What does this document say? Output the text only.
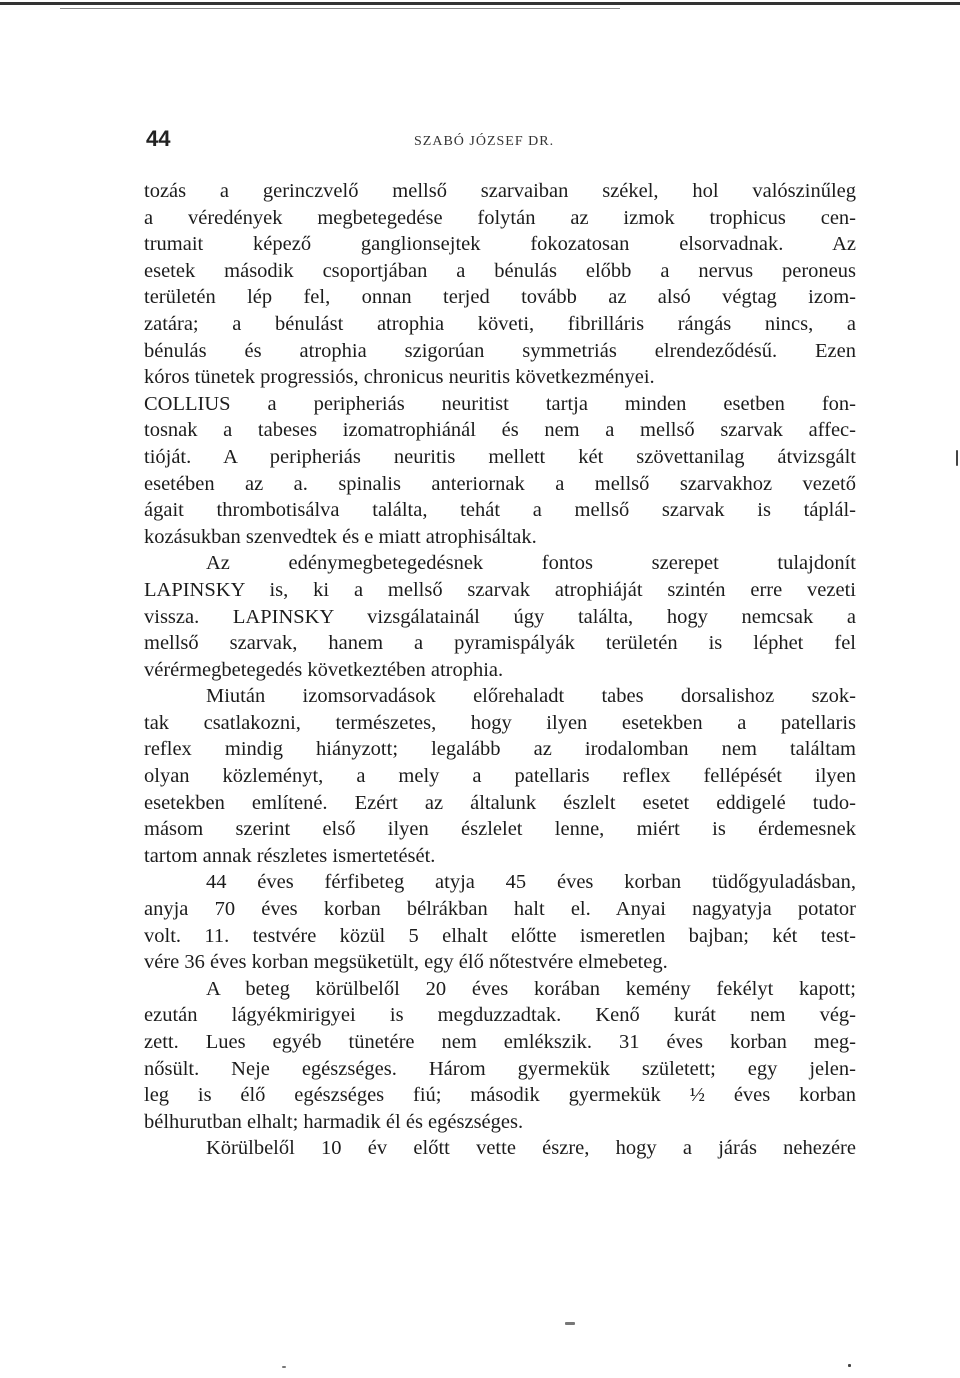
44	SZABÓ JÓZSEF DR.
tozás a gerinczvelő mellső szarvaiban székel, hol valószinűleg
a véredények megbetegedése folytán az izmok trophicus cen-
trumait képező ganglionsejtek fokozatosan elsorvadnak. Az
esetek második csoportjában a bénulás előbb a nervus peroneus
területén lép fel, onnan terjed tovább az alsó végtag izom-
zatára; a bénulást atrophia követi, fibrilláris rángás nincs, a
bénulás és atrophia szigorúan symmetriás elrendeződésű. Ezen
kóros tünetek progressiós, chronicus neuritis következményei.
COLLIUS a peripheriás neuritist tartja minden esetben fon-
tosnak a tabeses izomatrophiánál és nem a mellső szarvak affec-
tióját. A peripheriás neuritis mellett két szövettanilag átvizsgált
esetében az a. spinalis anteriornak a mellső szarvakhoz vezető
ágait thrombotisálva találta, tehát a mellső szarvak is táplál-
kozásukban szenvedtek és e miatt atrophisáltak.
Az edénymegbetegedésnek fontos szerepet tulajdonít
LAPINSKY is, ki a mellső szarvak atrophiáját szintén erre vezeti
vissza. LAPINSKY vizsgálatainál úgy találta, hogy nemcsak a
mellső szarvak, hanem a pyramispályák területén is léphet fel
vérérmegbetegedés következtében atrophia.
Miután izomsorvadások előrehaladt tabes dorsalishoz szok-
tak csatlakozni, természetes, hogy ilyen esetekben a patellaris
reflex mindig hiányzott; legalább az irodalomban nem találtam
olyan közleményt, a mely a patellaris reflex fellépését ilyen
esetekben említené. Ezért az általunk észlelt esetet eddigelé tudo-
másom szerint első ilyen észlelet lenne, miért is érdemesnek
tartom annak részletes ismertetését.
44 éves férfibeteg atyja 45 éves korban tüdőgyuladásban,
anyja 70 éves korban bélrákban halt el. Anyai nagyatyja potator
volt. 11. testvére közül 5 elhalt előtte ismeretlen bajban; két test-
vére 36 éves korban megsüketült, egy élő nőtestvére elmebeteg.
A beteg körülbelől 20 éves korában kemény fekélyt kapott;
ezután lágyékmirigyei is megduzzadtak. Kenő kurát nem vég-
zett. Lues egyéb tünetére nem emlékszik. 31 éves korban meg-
nősült. Neje egészséges. Három gyermekük született; egy jelen-
leg is élő egészséges fiú; második gyermekük ½ éves korban
bélhurutban elhalt; harmadik él és egészséges.
Körülbelől 10 év előtt vette észre, hogy a járás nehezére
